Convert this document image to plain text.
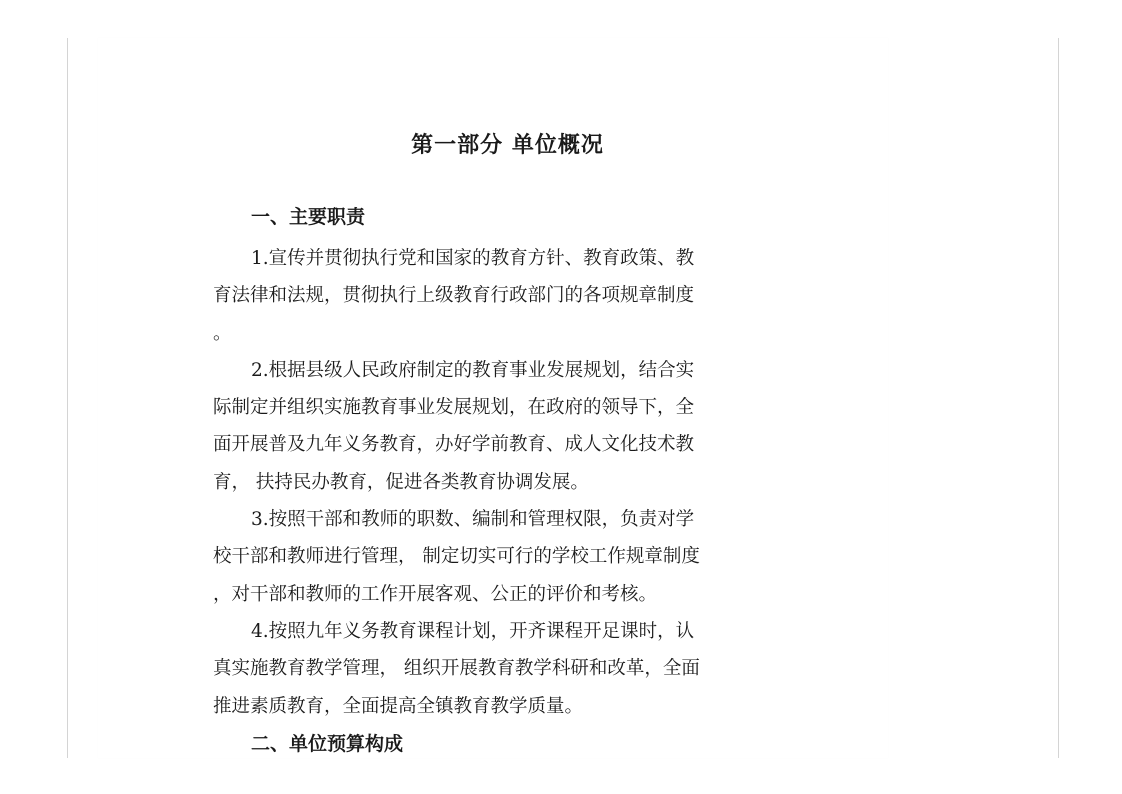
第一部分 单位概况
一、主要职责
1.宣传并贯彻执行党和国家的教育方针、教育政策、教
育法律和法规，贯彻执行上级教育行政部门的各项规章制度
。
2.根据县级人民政府制定的教育事业发展规划，结合实
际制定并组织实施教育事业发展规划，在政府的领导下，全
面开展普及九年义务教育，办好学前教育、成人文化技术教
育， 扶持民办教育，促进各类教育协调发展。
3.按照干部和教师的职数、编制和管理权限，负责对学
校干部和教师进行管理， 制定切实可行的学校工作规章制度
，对干部和教师的工作开展客观、公正的评价和考核。
4.按照九年义务教育课程计划，开齐课程开足课时，认
真实施教育教学管理， 组织开展教育教学科研和改革，全面
推进素质教育，全面提高全镇教育教学质量。
二、单位预算构成
